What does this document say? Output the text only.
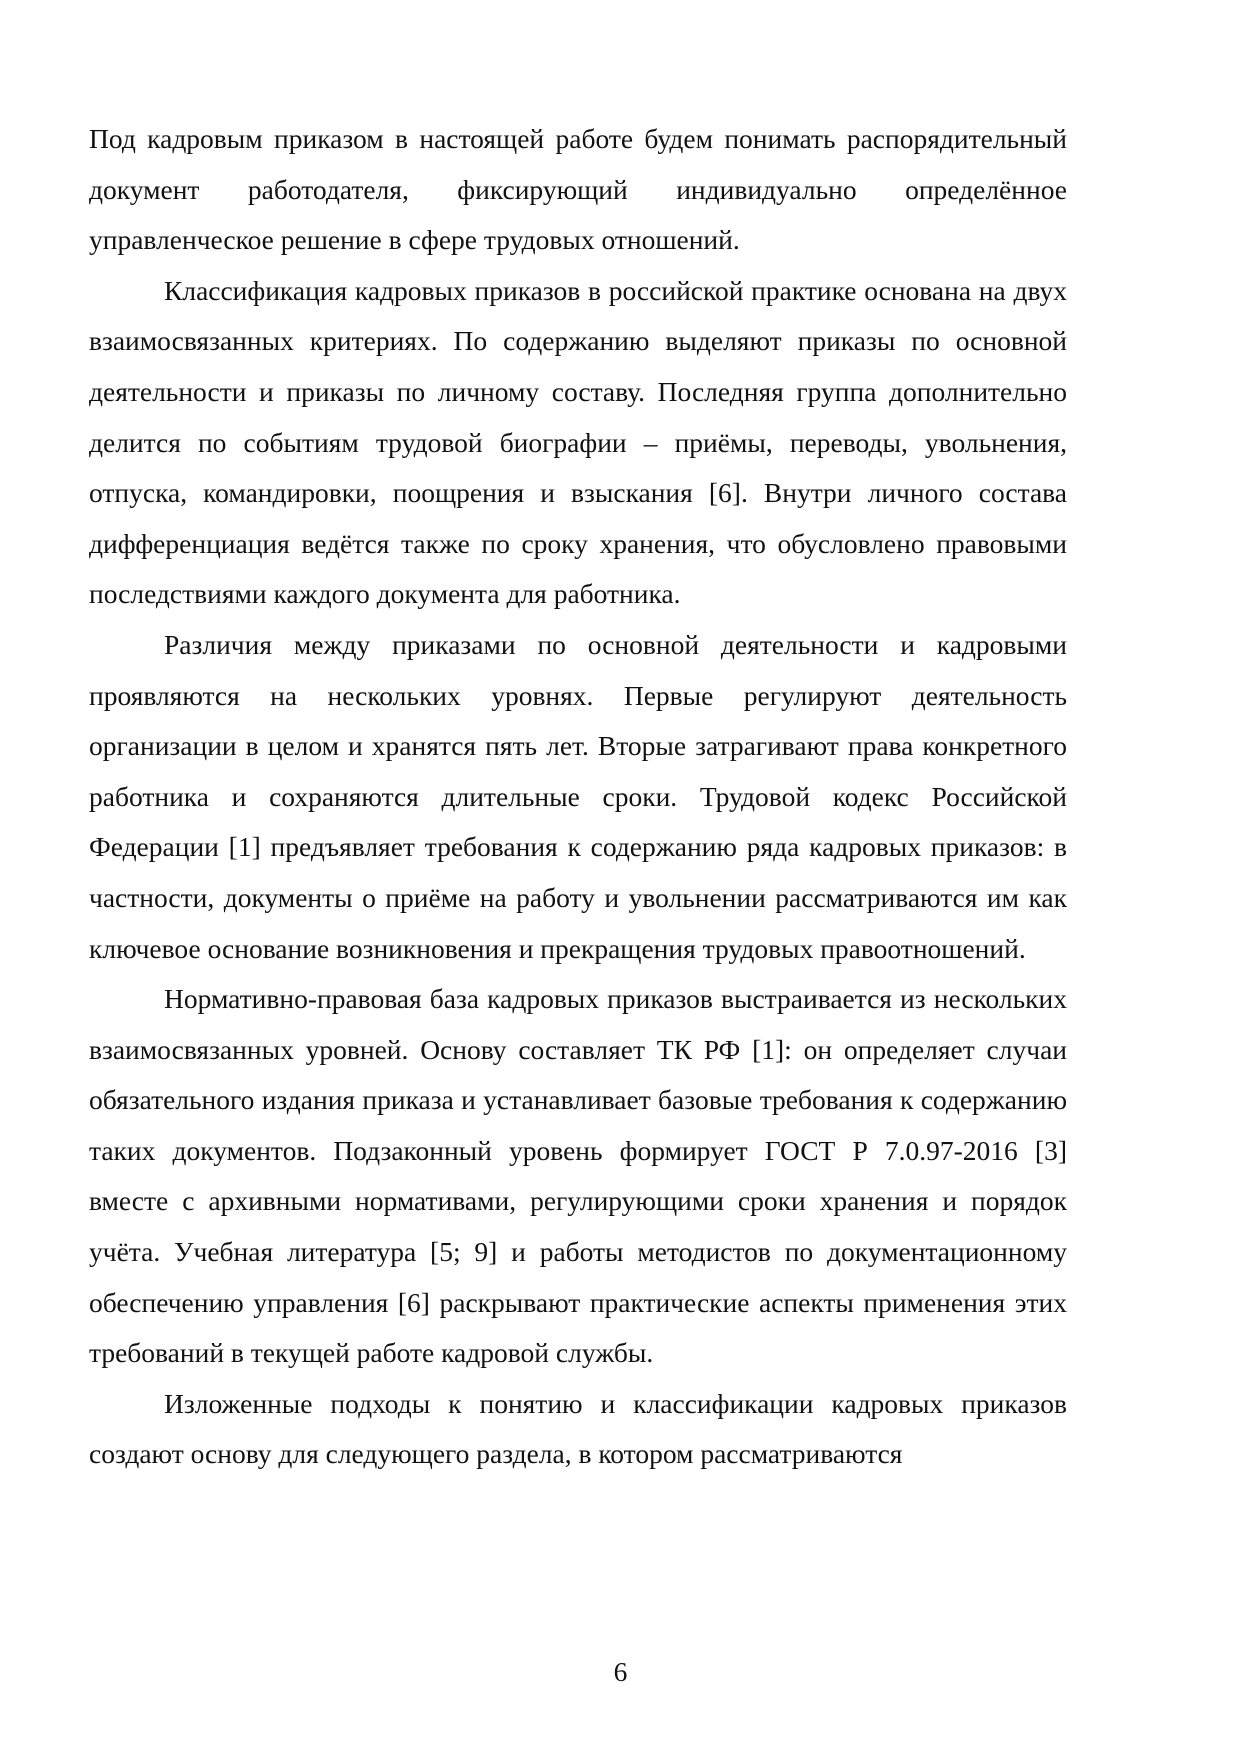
Под кадровым приказом в настоящей работе будем понимать распорядительный документ работодателя, фиксирующий индивидуально определённое управленческое решение в сфере трудовых отношений.

Классификация кадровых приказов в российской практике основана на двух взаимосвязанных критериях. По содержанию выделяют приказы по основной деятельности и приказы по личному составу. Последняя группа дополнительно делится по событиям трудовой биографии – приёмы, переводы, увольнения, отпуска, командировки, поощрения и взыскания [6]. Внутри личного состава дифференциация ведётся также по сроку хранения, что обусловлено правовыми последствиями каждого документа для работника.

Различия между приказами по основной деятельности и кадровыми проявляются на нескольких уровнях. Первые регулируют деятельность организации в целом и хранятся пять лет. Вторые затрагивают права конкретного работника и сохраняются длительные сроки. Трудовой кодекс Российской Федерации [1] предъявляет требования к содержанию ряда кадровых приказов: в частности, документы о приёме на работу и увольнении рассматриваются им как ключевое основание возникновения и прекращения трудовых правоотношений.

Нормативно-правовая база кадровых приказов выстраивается из нескольких взаимосвязанных уровней. Основу составляет ТК РФ [1]: он определяет случаи обязательного издания приказа и устанавливает базовые требования к содержанию таких документов. Подзаконный уровень формирует ГОСТ Р 7.0.97-2016 [3] вместе с архивными нормативами, регулирующими сроки хранения и порядок учёта. Учебная литература [5; 9] и работы методистов по документационному обеспечению управления [6] раскрывают практические аспекты применения этих требований в текущей работе кадровой службы.

Изложенные подходы к понятию и классификации кадровых приказов создают основу для следующего раздела, в котором рассматриваются

6
